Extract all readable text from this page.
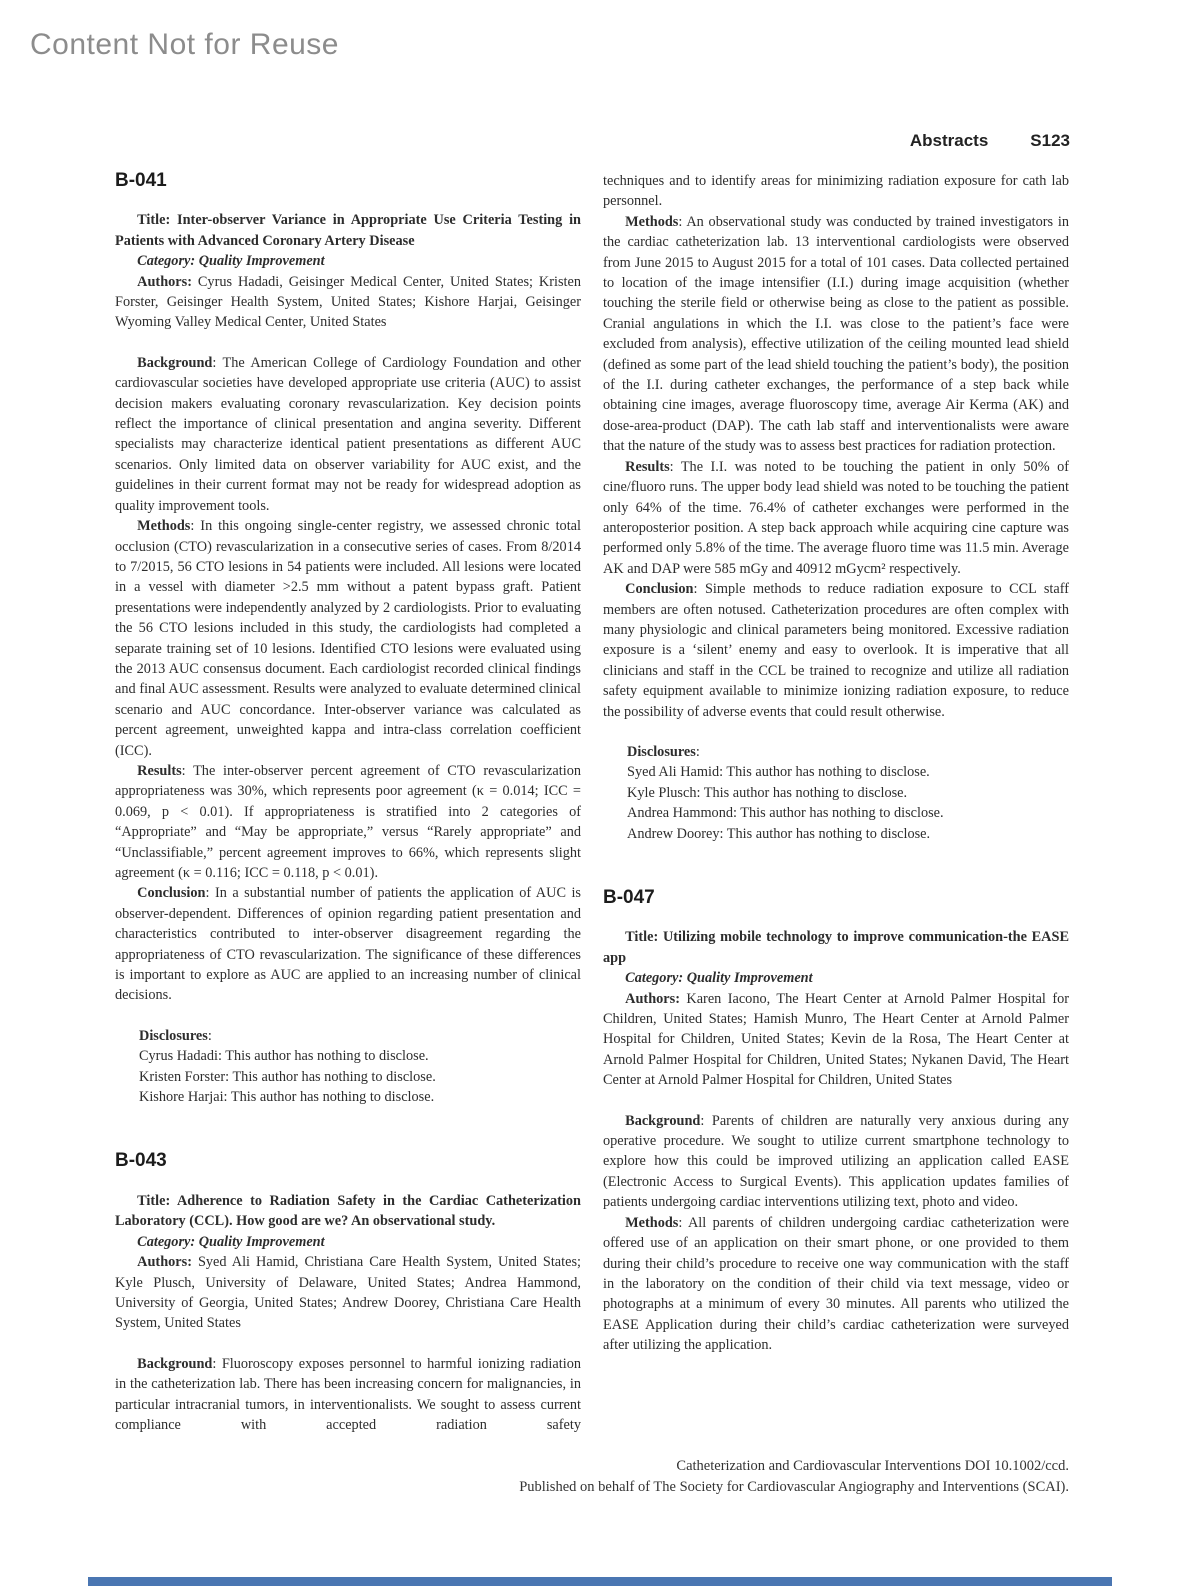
Content Not for Reuse
Abstracts S123
B-041

Title: Inter-observer Variance in Appropriate Use Criteria Testing in Patients with Advanced Coronary Artery Disease

Category: Quality Improvement

Authors: Cyrus Hadadi, Geisinger Medical Center, United States; Kristen Forster, Geisinger Health System, United States; Kishore Harjai, Geisinger Wyoming Valley Medical Center, United States

Background: The American College of Cardiology Foundation and other cardiovascular societies have developed appropriate use criteria (AUC) to assist decision makers evaluating coronary revascularization. Key decision points reflect the importance of clinical presentation and angina severity. Different specialists may characterize identical patient presentations as different AUC scenarios. Only limited data on observer variability for AUC exist, and the guidelines in their current format may not be ready for widespread adoption as quality improvement tools.

Methods: In this ongoing single-center registry, we assessed chronic total occlusion (CTO) revascularization in a consecutive series of cases. From 8/2014 to 7/2015, 56 CTO lesions in 54 patients were included. All lesions were located in a vessel with diameter >2.5 mm without a patent bypass graft. Patient presentations were independently analyzed by 2 cardiologists. Prior to evaluating the 56 CTO lesions included in this study, the cardiologists had completed a separate training set of 10 lesions. Identified CTO lesions were evaluated using the 2013 AUC consensus document. Each cardiologist recorded clinical findings and final AUC assessment. Results were analyzed to evaluate determined clinical scenario and AUC concordance. Inter-observer variance was calculated as percent agreement, unweighted kappa and intra-class correlation coefficient (ICC).

Results: The inter-observer percent agreement of CTO revascularization appropriateness was 30%, which represents poor agreement (κ = 0.014; ICC = 0.069, p < 0.01). If appropriateness is stratified into 2 categories of “Appropriate” and “May be appropriate,” versus “Rarely appropriate” and “Unclassifiable,” percent agreement improves to 66%, which represents slight agreement (κ = 0.116; ICC = 0.118, p < 0.01).

Conclusion: In a substantial number of patients the application of AUC is observer-dependent. Differences of opinion regarding patient presentation and characteristics contributed to inter-observer disagreement regarding the appropriateness of CTO revascularization. The significance of these differences is important to explore as AUC are applied to an increasing number of clinical decisions.

Disclosures:

Cyrus Hadadi: This author has nothing to disclose.

Kristen Forster: This author has nothing to disclose.

Kishore Harjai: This author has nothing to disclose.

B-043

Title: Adherence to Radiation Safety in the Cardiac Catheterization Laboratory (CCL). How good are we? An observational study.

Category: Quality Improvement

Authors: Syed Ali Hamid, Christiana Care Health System, United States; Kyle Plusch, University of Delaware, United States; Andrea Hammond, University of Georgia, United States; Andrew Doorey, Christiana Care Health System, United States

Background: Fluoroscopy exposes personnel to harmful ionizing radiation in the catheterization lab. There has been increasing concern for malignancies, in particular intracranial tumors, in interventionalists. We sought to assess current compliance with accepted radiation safety

techniques and to identify areas for minimizing radiation exposure for cath lab personnel.

Methods: An observational study was conducted by trained investigators in the cardiac catheterization lab. 13 interventional cardiologists were observed from June 2015 to August 2015 for a total of 101 cases. Data collected pertained to location of the image intensifier (I.I.) during image acquisition (whether touching the sterile field or otherwise being as close to the patient as possible. Cranial angulations in which the I.I. was close to the patient’s face were excluded from analysis), effective utilization of the ceiling mounted lead shield (defined as some part of the lead shield touching the patient’s body), the position of the I.I. during catheter exchanges, the performance of a step back while obtaining cine images, average fluoroscopy time, average Air Kerma (AK) and dose-area-product (DAP). The cath lab staff and interventionalists were aware that the nature of the study was to assess best practices for radiation protection.

Results: The I.I. was noted to be touching the patient in only 50% of cine/fluoro runs. The upper body lead shield was noted to be touching the patient only 64% of the time. 76.4% of catheter exchanges were performed in the anteroposterior position. A step back approach while acquiring cine capture was performed only 5.8% of the time. The average fluoro time was 11.5 min. Average AK and DAP were 585 mGy and 40912 mGycm² respectively.

Conclusion: Simple methods to reduce radiation exposure to CCL staff members are often notused. Catheterization procedures are often complex with many physiologic and clinical parameters being monitored. Excessive radiation exposure is a ‘silent’ enemy and easy to overlook. It is imperative that all clinicians and staff in the CCL be trained to recognize and utilize all radiation safety equipment available to minimize ionizing radiation exposure, to reduce the possibility of adverse events that could result otherwise.

Disclosures:

Syed Ali Hamid: This author has nothing to disclose.

Kyle Plusch: This author has nothing to disclose.

Andrea Hammond: This author has nothing to disclose.

Andrew Doorey: This author has nothing to disclose.

B-047

Title: Utilizing mobile technology to improve communication-the EASE app

Category: Quality Improvement

Authors: Karen Iacono, The Heart Center at Arnold Palmer Hospital for Children, United States; Hamish Munro, The Heart Center at Arnold Palmer Hospital for Children, United States; Kevin de la Rosa, The Heart Center at Arnold Palmer Hospital for Children, United States; Nykanen David, The Heart Center at Arnold Palmer Hospital for Children, United States

Background: Parents of children are naturally very anxious during any operative procedure. We sought to utilize current smartphone technology to explore how this could be improved utilizing an application called EASE (Electronic Access to Surgical Events). This application updates families of patients undergoing cardiac interventions utilizing text, photo and video.

Methods: All parents of children undergoing cardiac catheterization were offered use of an application on their smart phone, or one provided to them during their child’s procedure to receive one way communication with the staff in the laboratory on the condition of their child via text message, video or photographs at a minimum of every 30 minutes. All parents who utilized the EASE Application during their child’s cardiac catheterization were surveyed after utilizing the application.

Catheterization and Cardiovascular Interventions DOI 10.1002/ccd.
Published on behalf of The Society for Cardiovascular Angiography and Interventions (SCAI).
